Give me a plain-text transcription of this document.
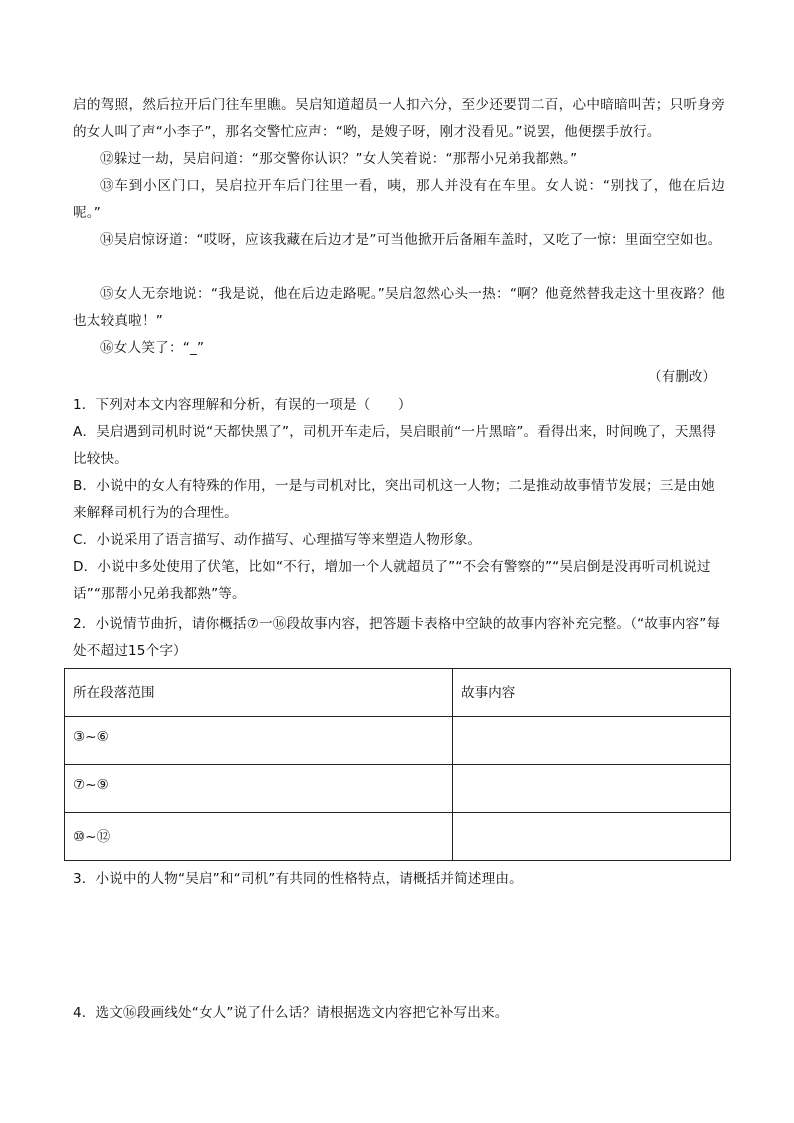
启的驾照，然后拉开后门往车里瞧。吴启知道超员一人扣六分，至少还要罚二百，心中暗暗叫苦；只听身旁的女人叫了声“小李子”，那名交警忙应声：“哟，是嫂子呀，刚才没看见。”说罢，他便摆手放行。

⑫躲过一劫，吴启问道：“那交警你认识？”女人笑着说：“那帮小兄弟我都熟。”

⑬车到小区门口，吴启拉开车后门往里一看，咦，那人并没有在车里。女人说：“别找了，他在后边呢。”

⑭吴启惊讶道：“哎呀，应该我藏在后边才是”可当他掀开后备厢车盖时，又吃了一惊：里面空空如也。

⑮女人无奈地说：“我是说，他在后边走路呢。”吴启忽然心头一热：“啊？他竟然替我走这十里夜路？他也太较真啦！”

⑯女人笑了：“_”

（有删改）

1．下列对本文内容理解和分析，有误的一项是（　　）

A．吴启遇到司机时说“天都快黑了”，司机开车走后，吴启眼前“一片黑暗”。看得出来，时间晚了，天黑得比较快。

B．小说中的女人有特殊的作用，一是与司机对比，突出司机这一人物；二是推动故事情节发展；三是由她来解释司机行为的合理性。

C．小说采用了语言描写、动作描写、心理描写等来塑造人物形象。

D．小说中多处使用了伏笔，比如“不行，增加一个人就超员了”“不会有警察的”“吴启倒是没再听司机说过话”“那帮小兄弟我都熟”等。

2．小说情节曲折，请你概括⑦一⑯段故事内容，把答题卡表格中空缺的故事内容补充完整。（“故事内容”每处不超过15个字）

所在段落范围	故事内容
③~⑥	
⑦~⑨	
⑩~⑫	

3．小说中的人物“吴启”和“司机”有共同的性格特点，请概括并简述理由。

4．选文⑯段画线处“女人”说了什么话？请根据选文内容把它补写出来。
